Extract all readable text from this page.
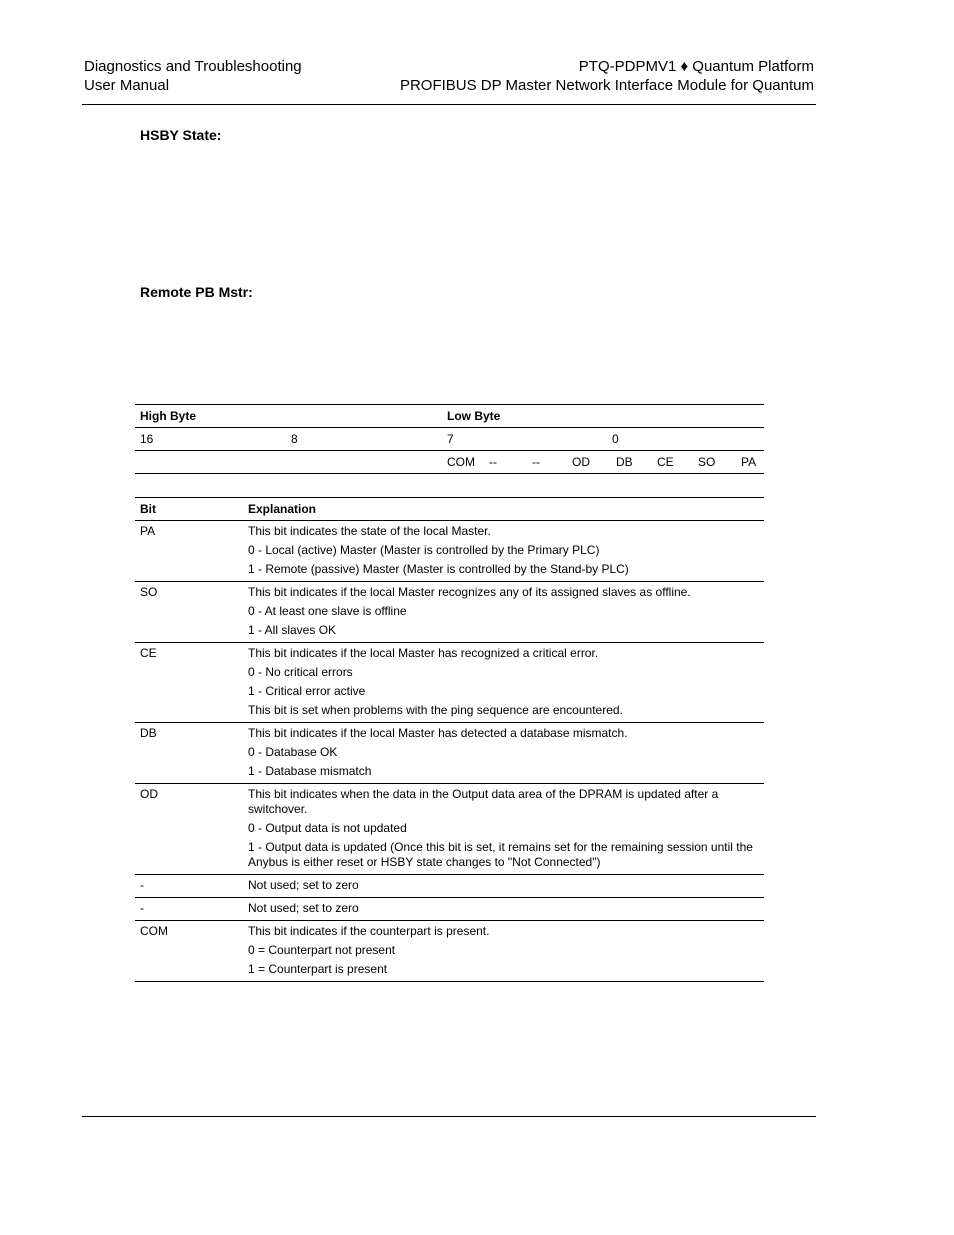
Diagnostics and Troubleshooting
User Manual
PTQ-PDPMV1 ♦ Quantum Platform
PROFIBUS DP Master Network Interface Module for Quantum
HSBY State:
Remote PB Mstr:
High Byte		Low Byte							
16	8	7				0			
		COM	--	--	OD	DB	CE	SO	PA
Bit	Explanation
PA	This bit indicates the state of the local Master.

0 - Local (active) Master (Master is controlled by the Primary PLC)

1 - Remote (passive) Master (Master is controlled by the Stand-by PLC)

SO	This bit indicates if the local Master recognizes any of its assigned slaves as offline.

0 - At least one slave is offline

1 - All slaves OK

CE	This bit indicates if the local Master has recognized a critical error.

0 - No critical errors

1 - Critical error active

This bit is set when problems with the ping sequence are encountered.

DB	This bit indicates if the local Master has detected a database mismatch.

0 - Database OK

1 - Database mismatch

OD	This bit indicates when the data in the Output data area of the DPRAM is updated after a switchover.

0 - Output data is not updated

1 - Output data is updated (Once this bit is set, it remains set for the remaining session until the Anybus is either reset or HSBY state changes to "Not Connected")

-	Not used; set to zero

-	Not used; set to zero

COM	This bit indicates if the counterpart is present.

0 = Counterpart not present

1 = Counterpart is present
